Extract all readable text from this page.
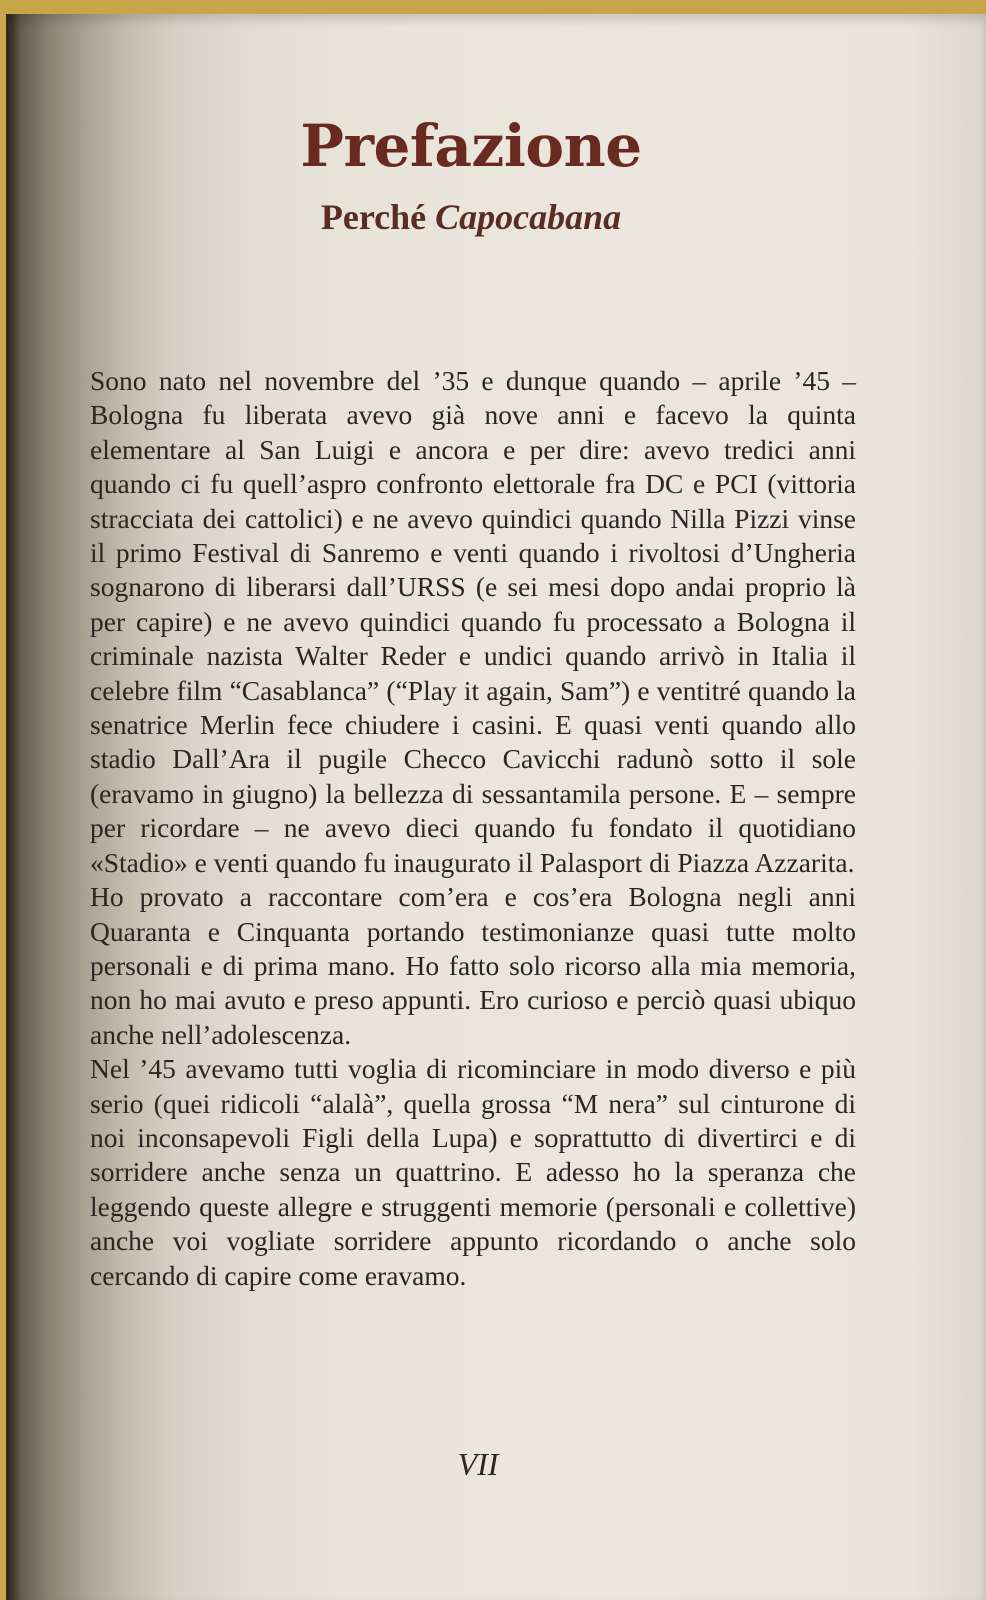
Prefazione
Perché Capocabana

Sono nato nel novembre del ’35 e dunque quando – aprile ’45 – Bologna fu liberata avevo già nove anni e facevo la quinta elementare al San Luigi e ancora e per dire: avevo tredici anni quando ci fu quell’aspro confronto elettorale fra DC e PCI (vittoria stracciata dei cattolici) e ne avevo quindici quando Nilla Pizzi vinse il primo Festival di Sanremo e venti quando i rivoltosi d’Ungheria sognarono di liberarsi dall’URSS (e sei mesi dopo andai proprio là per capire) e ne avevo quindici quando fu processato a Bologna il criminale nazista Walter Reder e undici quando arrivò in Italia il celebre film “Casablanca” (“Play it again, Sam”) e ventitré quando la senatrice Merlin fece chiudere i casini. E quasi venti quando allo stadio Dall’Ara il pugile Checco Cavicchi radunò sotto il sole (eravamo in giugno) la bellezza di sessantamila persone. E – sempre per ricordare – ne avevo dieci quando fu fondato il quotidiano «Stadio» e venti quando fu inaugurato il Palasport di Piazza Azzarita.

Ho provato a raccontare com’era e cos’era Bologna negli anni Quaranta e Cinquanta portando testimonianze quasi tutte molto personali e di prima mano. Ho fatto solo ricorso alla mia memoria, non ho mai avuto e preso appunti. Ero curioso e perciò quasi ubiquo anche nell’adolescenza.

Nel ’45 avevamo tutti voglia di ricominciare in modo diverso e più serio (quei ridicoli “alalà”, quella grossa “M nera” sul cinturone di noi inconsapevoli Figli della Lupa) e soprattutto di divertirci e di sorridere anche senza un quattrino. E adesso ho la speranza che leggendo queste allegre e struggenti memorie (personali e collettive) anche voi vogliate sorridere appunto ricordando o anche solo cercando di capire come eravamo.

VII
